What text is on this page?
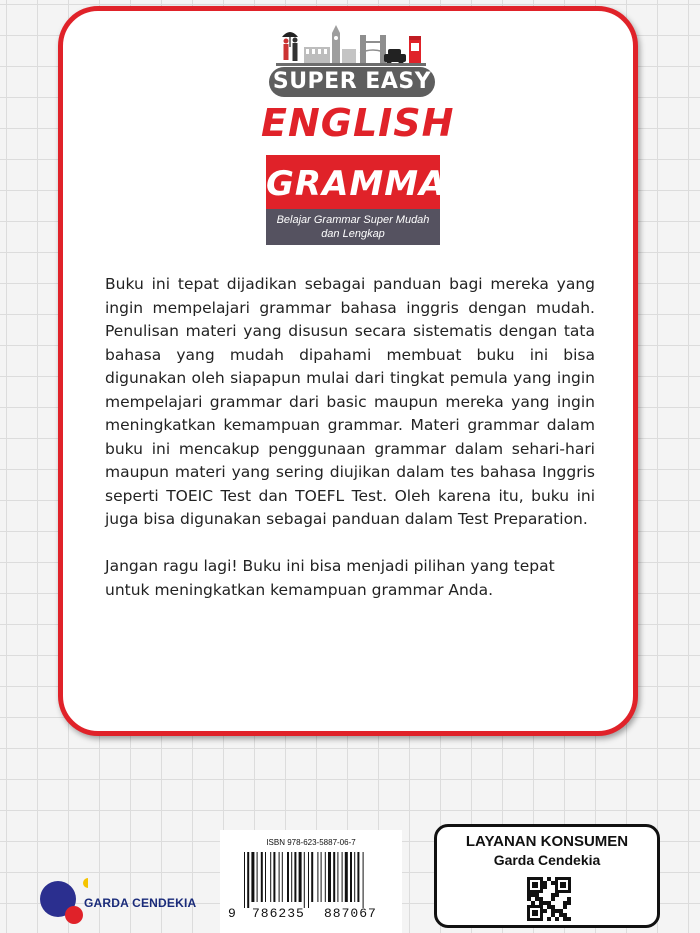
SUPER EASY
ENGLISH
GRAMMAR
Belajar Grammar Super Mudah
dan Lengkap

Buku ini tepat dijadikan sebagai panduan bagi mereka yang ingin mempelajari grammar bahasa inggris dengan mudah. Penulisan materi yang disusun secara sistematis dengan tata bahasa yang mudah dipahami membuat buku ini bisa digunakan oleh siapapun mulai dari tingkat pemula yang ingin mempelajari grammar dari basic maupun mereka yang ingin meningkatkan kemampuan grammar. Materi grammar dalam buku ini mencakup penggunaan grammar dalam sehari-hari maupun materi yang sering diujikan dalam tes bahasa Inggris seperti TOEIC Test dan TOEFL Test. Oleh karena itu, buku ini juga bisa digunakan sebagai panduan dalam Test Preparation.

Jangan ragu lagi! Buku ini bisa menjadi pilihan yang tepat untuk meningkatkan kemampuan grammar Anda.

GARDA CENDEKIA
ISBN 978-623-5887-06-7
9 786235 887067
LAYANAN KONSUMEN
Garda Cendekia
